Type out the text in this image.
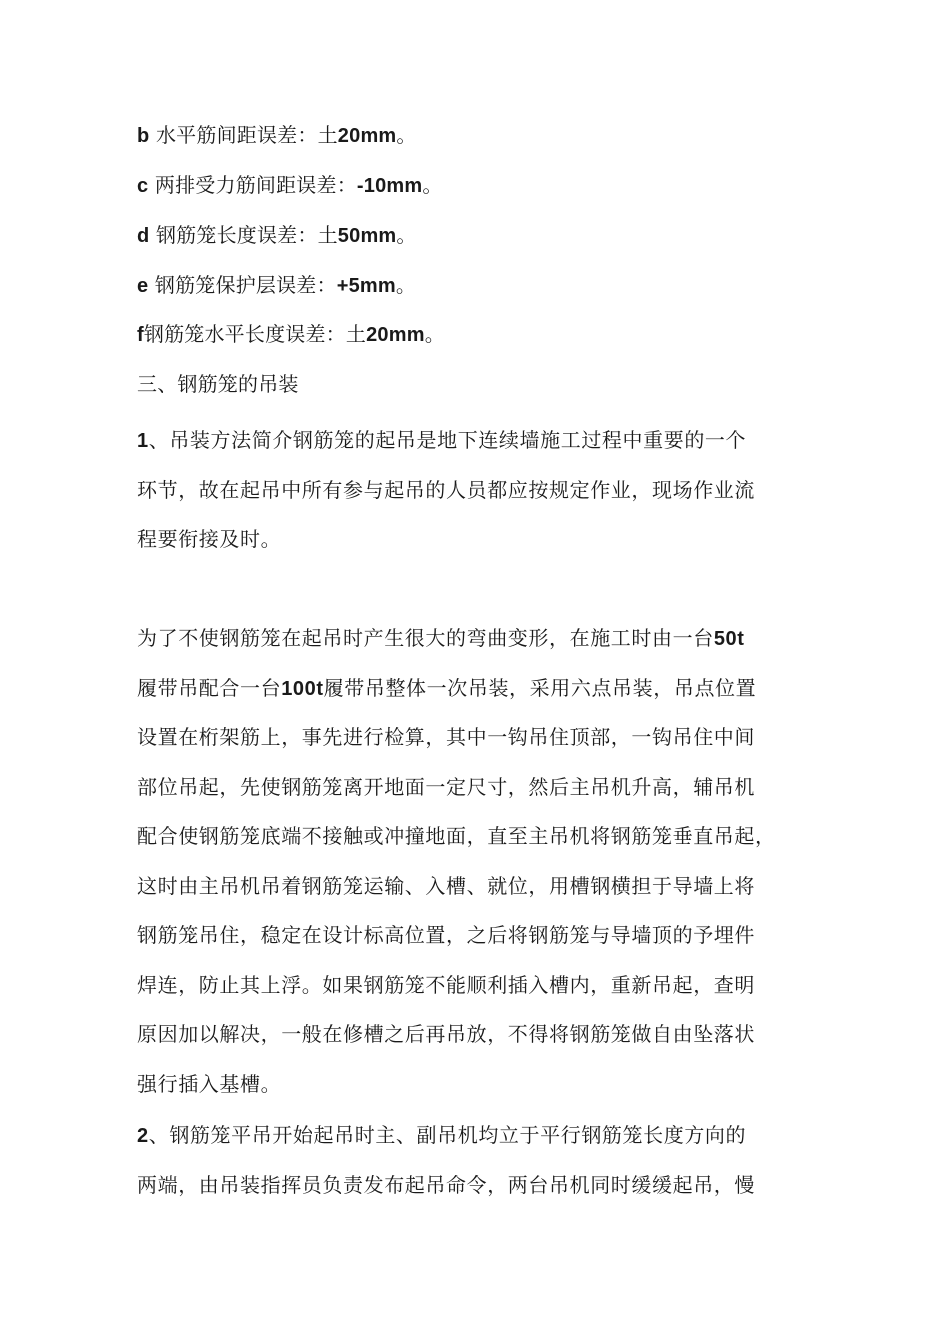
b 水平筋间距误差：土20mm。
c 两排受力筋间距误差：-10mm。
d 钢筋笼长度误差：土50mm。
e 钢筋笼保护层误差：+5mm。
f钢筋笼水平长度误差：土20mm。
三、钢筋笼的吊装
1、吊装方法简介钢筋笼的起吊是地下连续墙施工过程中重要的一个
环节，故在起吊中所有参与起吊的人员都应按规定作业，现场作业流
程要衔接及时。
为了不使钢筋笼在起吊时产生很大的弯曲变形，在施工时由一台50t
履带吊配合一台100t履带吊整体一次吊装，采用六点吊装，吊点位置
设置在桁架筋上，事先进行检算，其中一钩吊住顶部，一钩吊住中间
部位吊起，先使钢筋笼离开地面一定尺寸，然后主吊机升高，辅吊机
配合使钢筋笼底端不接触或冲撞地面，直至主吊机将钢筋笼垂直吊起，
这时由主吊机吊着钢筋笼运输、入槽、就位，用槽钢横担于导墙上将
钢筋笼吊住，稳定在设计标高位置，之后将钢筋笼与导墙顶的予埋件
焊连，防止其上浮。如果钢筋笼不能顺利插入槽内，重新吊起，查明
原因加以解决，一般在修槽之后再吊放，不得将钢筋笼做自由坠落状
强行插入基槽。
2、钢筋笼平吊开始起吊时主、副吊机均立于平行钢筋笼长度方向的
两端，由吊装指挥员负责发布起吊命令，两台吊机同时缓缓起吊，慢
